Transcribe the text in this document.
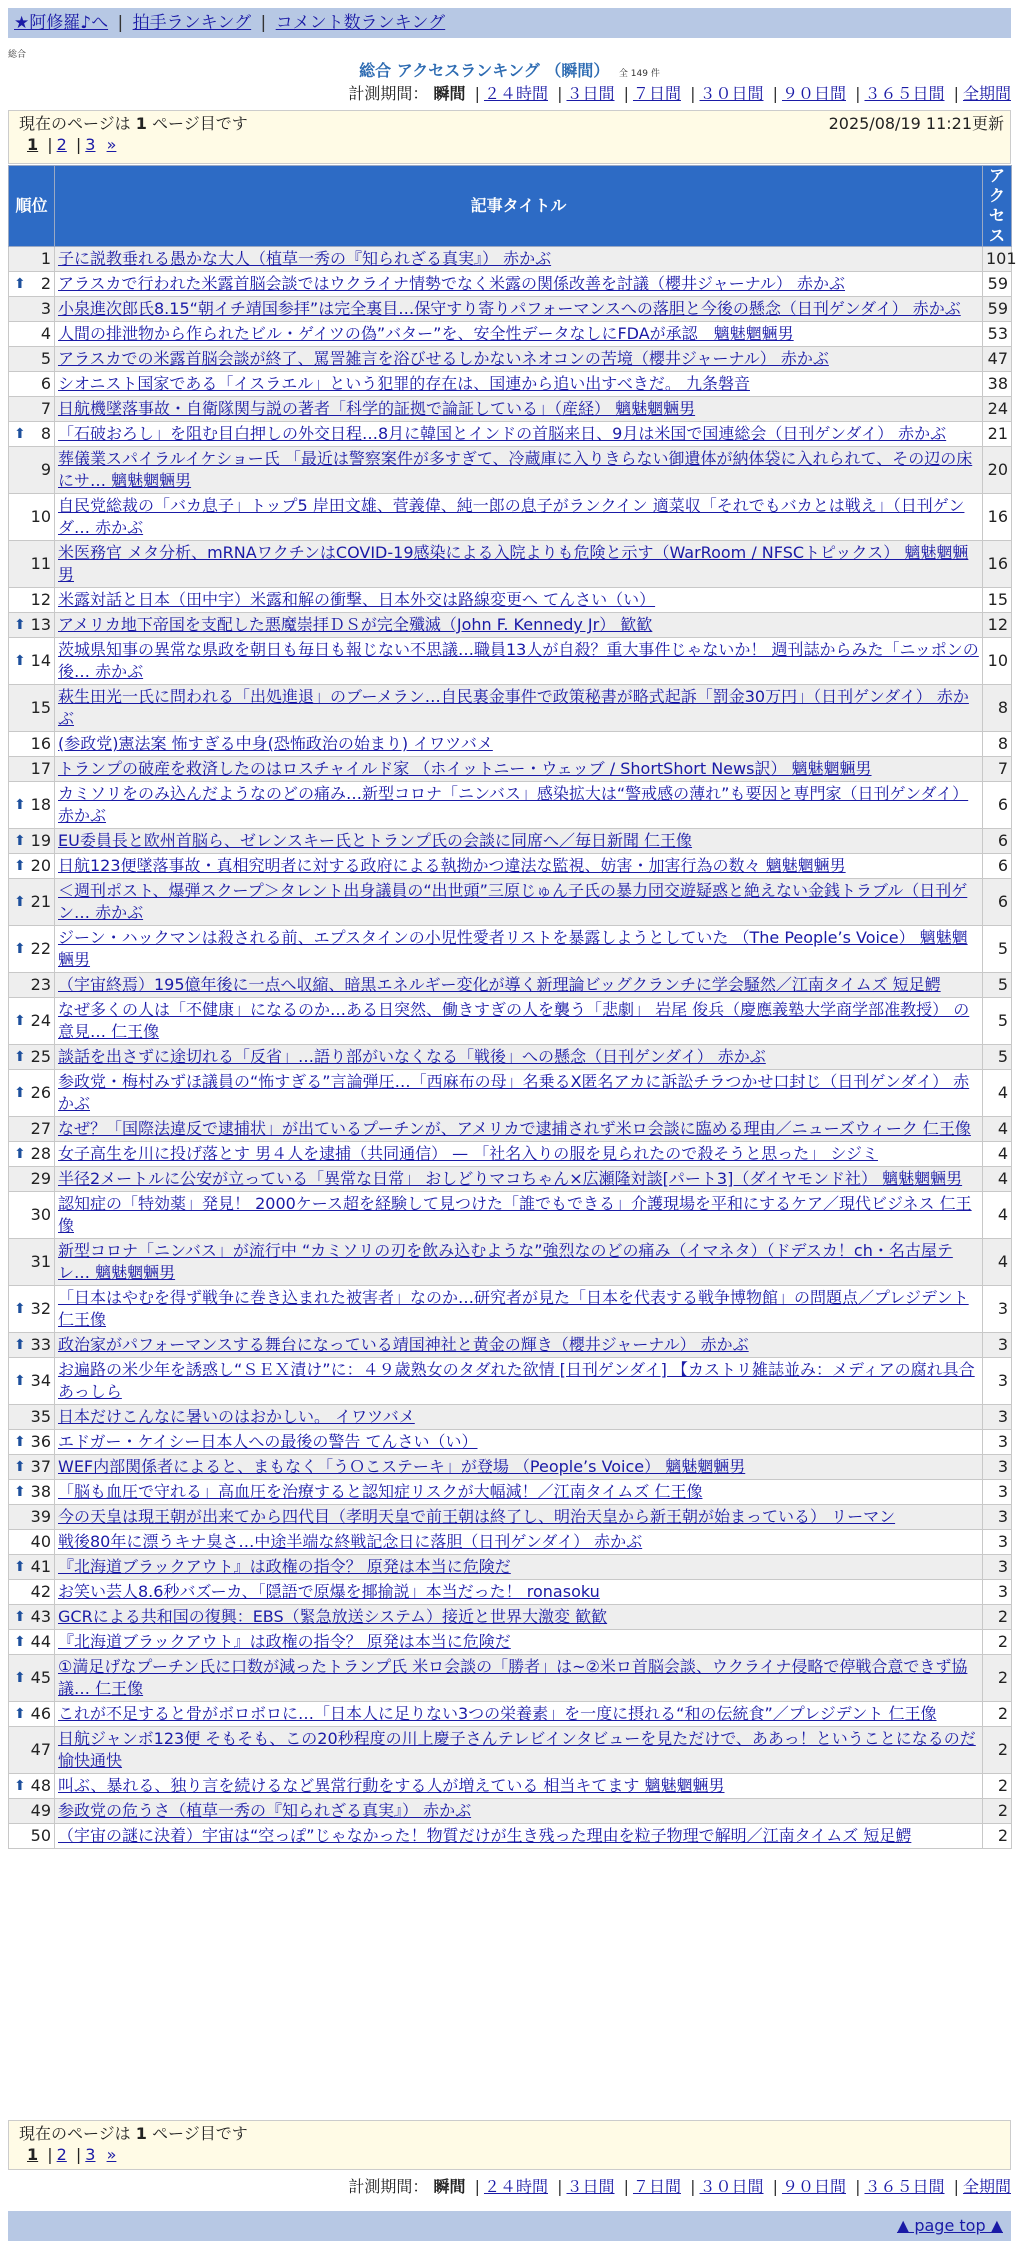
★阿修羅♪へ | 拍手ランキング | コメント数ランキング
総合
総合 アクセスランキング （瞬間） 全 149 件
計測期間： 瞬間 | ２４時間 | ３日間 | ７日間 | ３０日間 | ９０日間 | ３６５日間 | 全期間
現在のページは 1 ページ目です	2025/08/19 11:21更新
1 | 2 | 3 »
順位	記事タイトル	アクセス
1	子に説教垂れる愚かな大人（植草一秀の『知られざる真実』） 赤かぶ	101

⬆ 2	アラスカで行われた米露首脳会談ではウクライナ情勢でなく米露の関係改善を討議（櫻井ジャーナル） 赤かぶ	59
3	小泉進次郎氏8.15“朝イチ靖国参拝”は完全裏目…保守すり寄りパフォーマンスへの落胆と今後の懸念（日刊ゲンダイ） 赤かぶ	59
4	人間の排泄物から作られたビル・ゲイツの偽”バター”を、安全性データなしにFDAが承認　魑魅魍魎男	53
5	アラスカでの米露首脳会談が終了、罵詈雑言を浴びせるしかないネオコンの苦境（櫻井ジャーナル） 赤かぶ	47
6	シオニスト国家である「イスラエル」という犯罪的存在は、国連から追い出すべきだ。 九条磐音	38
7	日航機墜落事故・自衛隊関与説の著者「科学的証拠で論証している」（産経） 魑魅魍魎男	24

⬆ 8	「石破おろし」を阻む目白押しの外交日程…8月に韓国とインドの首脳来日、9月は米国で国連総会（日刊ゲンダイ） 赤かぶ	21
9	葬儀業スパイラルイケショー氏 「最近は警察案件が多すぎて、冷蔵庫に入りきらない御遺体が納体袋に入れられて、その辺の床にサ… 魑魅魍魎男	20
10	自民党総裁の「バカ息子」トップ5 岸田文雄、菅義偉、純一郎の息子がランクイン 適菜収「それでもバカとは戦え」（日刊ゲンダ… 赤かぶ	16
11	米医務官 メタ分析、mRNAワクチンはCOVID-19感染による入院よりも危険と示す（WarRoom / NFSCトピックス） 魑魅魍魎男	16
12	米露対話と日本（田中宇）米露和解の衝撃、日本外交は路線変更へ てんさい（い）	15

⬆ 13	アメリカ地下帝国を支配した悪魔崇拝ＤＳが完全殲滅（John F. Kennedy Jr） 歓歓	12

⬆ 14	茨城県知事の異常な県政を朝日も毎日も報じない不思議…職員13人が自殺？重大事件じゃないか！ 週刊誌からみた「ニッポンの後… 赤かぶ	10
15	萩生田光一氏に問われる「出処進退」のブーメラン…自民裏金事件で政策秘書が略式起訴「罰金30万円」（日刊ゲンダイ） 赤かぶ	8
16	(参政党)憲法案 怖すぎる中身(恐怖政治の始まり) イワツバメ	8
17	トランプの破産を救済したのはロスチャイルド家 （ホイットニー・ウェッブ / ShortShort News訳） 魑魅魍魎男	7

⬆ 18	カミソリをのみ込んだようなのどの痛み…新型コロナ「ニンバス」感染拡大は“警戒感の薄れ”も要因と専門家（日刊ゲンダイ） 赤かぶ	6

⬆ 19	EU委員長と欧州首脳ら、ゼレンスキー氏とトランプ氏の会談に同席へ／毎日新聞 仁王像	6

⬆ 20	日航123便墜落事故・真相究明者に対する政府による執拗かつ違法な監視、妨害・加害行為の数々 魑魅魍魎男	6

⬆ 21	＜週刊ポスト、爆弾スクープ＞タレント出身議員の“出世頭”三原じゅん子氏の暴力団交遊疑惑と絶えない金銭トラブル（日刊ゲン… 赤かぶ	6

⬆ 22	ジーン・ハックマンは殺される前、エプスタインの小児性愛者リストを暴露しようとしていた （The People’s Voice） 魑魅魍魎男	5
23	（宇宙終焉）195億年後に一点へ収縮、暗黒エネルギー変化が導く新理論ビッグクランチに学会騒然／江南タイムズ 短足鰐	5

⬆ 24	なぜ多くの人は「不健康」になるのか…ある日突然、働きすぎの人を襲う「悲劇」 岩尾 俊兵（慶應義塾大学商学部准教授） の意見… 仁王像	5

⬆ 25	談話を出さずに途切れる「反省」…語り部がいなくなる「戦後」への懸念（日刊ゲンダイ） 赤かぶ	5

⬆ 26	参政党・梅村みずほ議員の“怖すぎる”言論弾圧…「西麻布の母」名乗るX匿名アカに訴訟チラつかせ口封じ（日刊ゲンダイ） 赤かぶ	4
27	なぜ？「国際法違反で逮捕状」が出ているプーチンが、アメリカで逮捕されず米ロ会談に臨める理由／ニューズウィーク 仁王像	4

⬆ 28	女子高生を川に投げ落とす 男４人を逮捕（共同通信） — 「社名入りの服を見られたので殺そうと思った」 シジミ	4
29	半径2メートルに公安が立っている「異常な日常」 おしどりマコちゃん×広瀬隆対談[パート3]（ダイヤモンド社） 魑魅魍魎男	4
30	認知症の「特効薬」発見！ 2000ケース超を経験して見つけた「誰でもできる」介護現場を平和にするケア／現代ビジネス 仁王像	4
31	新型コロナ「ニンバス」が流行中 “カミソリの刃を飲み込むような”強烈なのどの痛み（イマネタ）（ドデスカ！ch・名古屋テレ… 魑魅魍魎男	4

⬆ 32	「日本はやむを得ず戦争に巻き込まれた被害者」なのか…研究者が見た「日本を代表する戦争博物館」の問題点／プレジデント 仁王像	3

⬆ 33	政治家がパフォーマンスする舞台になっている靖国神社と黄金の輝き（櫻井ジャーナル） 赤かぶ	3

⬆ 34	お遍路の米少年を誘惑し“ＳＥＸ漬け”に：４９歳熟女のタダれた欲情 [日刊ゲンダイ] 【カストリ雑誌並み：メディアの腐れ具合 あっしら	3
35	日本だけこんなに暑いのはおかしい。 イワツバメ	3

⬆ 36	エドガー・ケイシー日本人への最後の警告 てんさい（い）	3

⬆ 37	WEF内部関係者によると、まもなく「うＯこステーキ」が登場 （People’s Voice） 魑魅魍魎男	3

⬆ 38	「脳も血圧で守れる」高血圧を治療すると認知症リスクが大幅減！／江南タイムズ 仁王像	3
39	今の天皇は現王朝が出来てから四代目（孝明天皇で前王朝は終了し、明治天皇から新王朝が始まっている） リーマン	3
40	戦後80年に漂うキナ臭さ…中途半端な終戦記念日に落胆（日刊ゲンダイ） 赤かぶ	3

⬆ 41	『北海道ブラックアウト』は政権の指令？ 原発は本当に危険だ	3
42	お笑い芸人8.6秒バズーカ、「隠語で原爆を揶揄説」本当だった！ ronasoku	3

⬆ 43	GCRによる共和国の復興：EBS（緊急放送システム）接近と世界大激変 歓歓	2

⬆ 44	『北海道ブラックアウト』は政権の指令？ 原発は本当に危険だ	2

⬆ 45	①満足げなプーチン氏に口数が減ったトランプ氏 米ロ会談の「勝者」は~②米ロ首脳会談、ウクライナ侵略で停戦合意できず協議… 仁王像	2

⬆ 46	これが不足すると骨がボロボロに…「日本人に足りない3つの栄養素」を一度に摂れる“和の伝統食”／プレジデント 仁王像	2
47	日航ジャンボ123便 そもそも、この20秒程度の川上慶子さんテレビインタビューを見ただけで、ああっ！ということになるのだ 愉快通快	2

⬆ 48	叫ぶ、暴れる、独り言を続けるなど異常行動をする人が増えている 相当キてます 魑魅魍魎男	2
49	参政党の危うさ（植草一秀の『知られざる真実』） 赤かぶ	2
50	（宇宙の謎に決着）宇宙は“空っぽ”じゃなかった！物質だけが生き残った理由を粒子物理で解明／江南タイムズ 短足鰐	2
計測期間： 瞬間 | ２４時間 | ３日間 | ７日間 | ３０日間 | ９０日間 | ３６５日間 | 全期間
現在のページは 1 ページ目です
1 | 2 | 3 »
▲ page top ▲
